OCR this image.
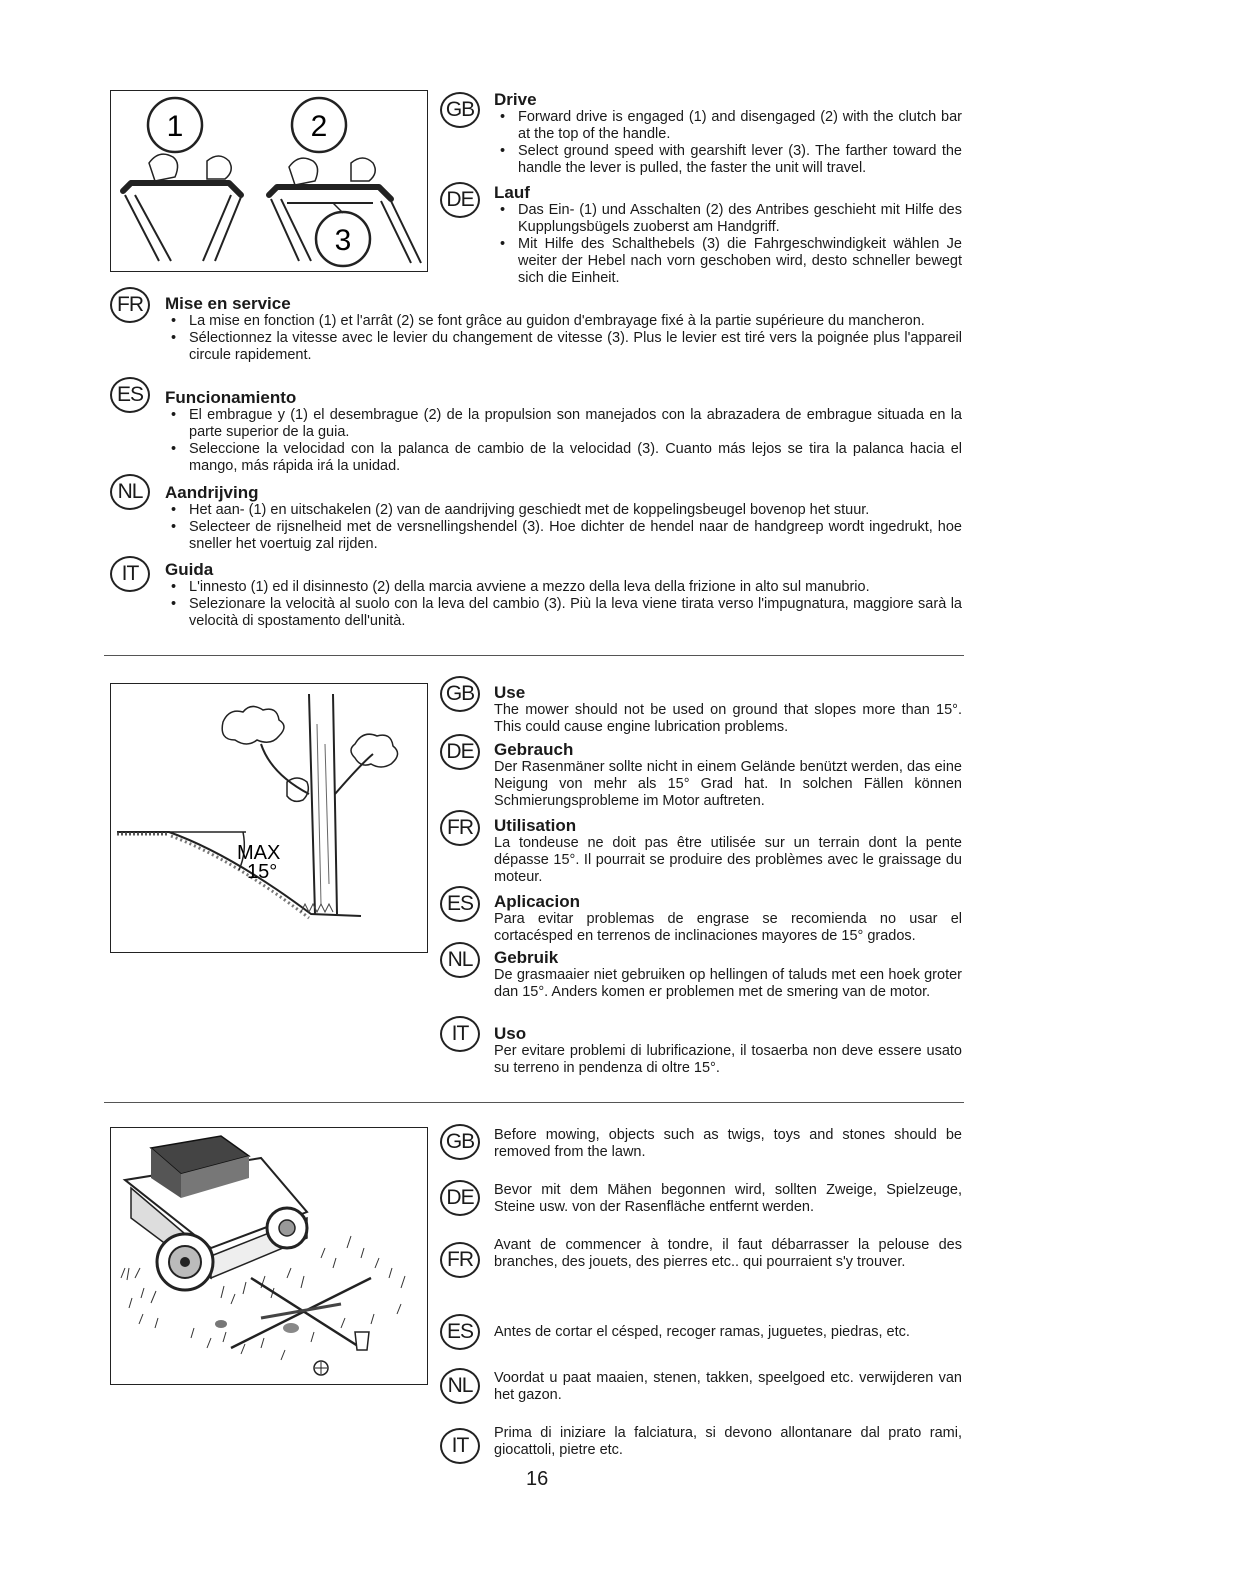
1	2
3
GB	Drive
• Forward drive is engaged (1) and disengaged (2) with the clutch bar at the top of the handle.
• Select ground speed with gearshift lever (3). The farther toward the handle the lever is pulled, the faster the unit will travel.
DE	Lauf
• Das Ein- (1) und Asschalten (2) des Antribes geschieht mit Hilfe des Kupplungsbügels zuoberst am Handgriff.
• Mit Hilfe des Schalthebels (3) die Fahrgeschwindigkeit wählen Je weiter der Hebel nach vorn geschoben wird, desto schneller bewegt sich die Einheit.
FR	Mise en service
• La mise en fonction (1) et l'arrât (2) se font grâce au guidon d'embrayage fixé à la partie supérieure du mancheron.
• Sélectionnez la vitesse avec le levier du changement de vitesse (3). Plus le levier est tiré vers la poignée plus l'appareil circule rapidement.
ES	Funcionamiento
• El embrague y (1) el desembrague (2) de la propulsion son manejados con la abrazadera de embrague situada en la parte superior de la guia.
• Seleccione la velocidad con la palanca de cambio de la velocidad (3). Cuanto más lejos se tira la palanca hacia el mango, más rápida irá la unidad.
NL	Aandrijving
• Het aan- (1) en uitschakelen (2) van de aandrijving geschiedt met de koppelingsbeugel bovenop het stuur.
• Selecteer de rijsnelheid met de versnellingshendel (3). Hoe dichter de hendel naar de handgreep wordt ingedrukt, hoe sneller het voertuig zal rijden.
IT	Guida
• L'innesto (1) ed il disinnesto (2) della marcia avviene a mezzo della leva della frizione in alto sul manubrio.
• Selezionare la velocità al suolo con la leva del cambio (3). Più la leva viene tirata verso l'impugnatura, maggiore sarà la velocità di spostamento dell'unità.
MAX
15°
GB	Use

The mower should not be used on ground that slopes more than 15°. This could cause engine lubrication problems.

DE	Gebrauch

Der Rasenmäner sollte nicht in einem Gelände benützt werden, das eine Neigung von mehr als 15° Grad hat. In solchen Fällen können Schmierungsprobleme im Motor auftreten.

FR	Utilisation

La tondeuse ne doit pas être utilisée sur un terrain dont la pente dépasse 15°. Il pourrait se produire des problèmes avec le graissage du moteur.

ES	Aplicacion

Para evitar problemas de engrase se recomienda no usar el cortacésped en terrenos de inclinaciones mayores de 15° grados.

NL	Gebruik

De grasmaaier niet gebruiken op hellingen of taluds met een hoek groter dan 15°. Anders komen er problemen met de smering van de motor.

IT	Uso

Per evitare problemi di lubrificazione, il tosaerba non deve essere usato su terreno in pendenza di oltre 15°.

GB	Before mowing, objects such as twigs, toys and stones should be removed from the lawn.

DE	Bevor mit dem Mähen begonnen wird, sollten Zweige, Spielzeuge, Steine usw. von der Rasenfläche entfernt werden.

FR

Avant de commencer à tondre, il faut débarrasser la pelouse des branches, des jouets, des pierres etc.. qui pourraient s'y trouver.

ES	Antes de cortar el césped, recoger ramas, juguetes, piedras, etc.

NL	Voordat u paat maaien, stenen, takken, speelgoed etc. verwijderen van het gazon.

IT

Prima di iniziare la falciatura, si devono allontanare dal prato rami, giocattoli, pietre etc.

16
